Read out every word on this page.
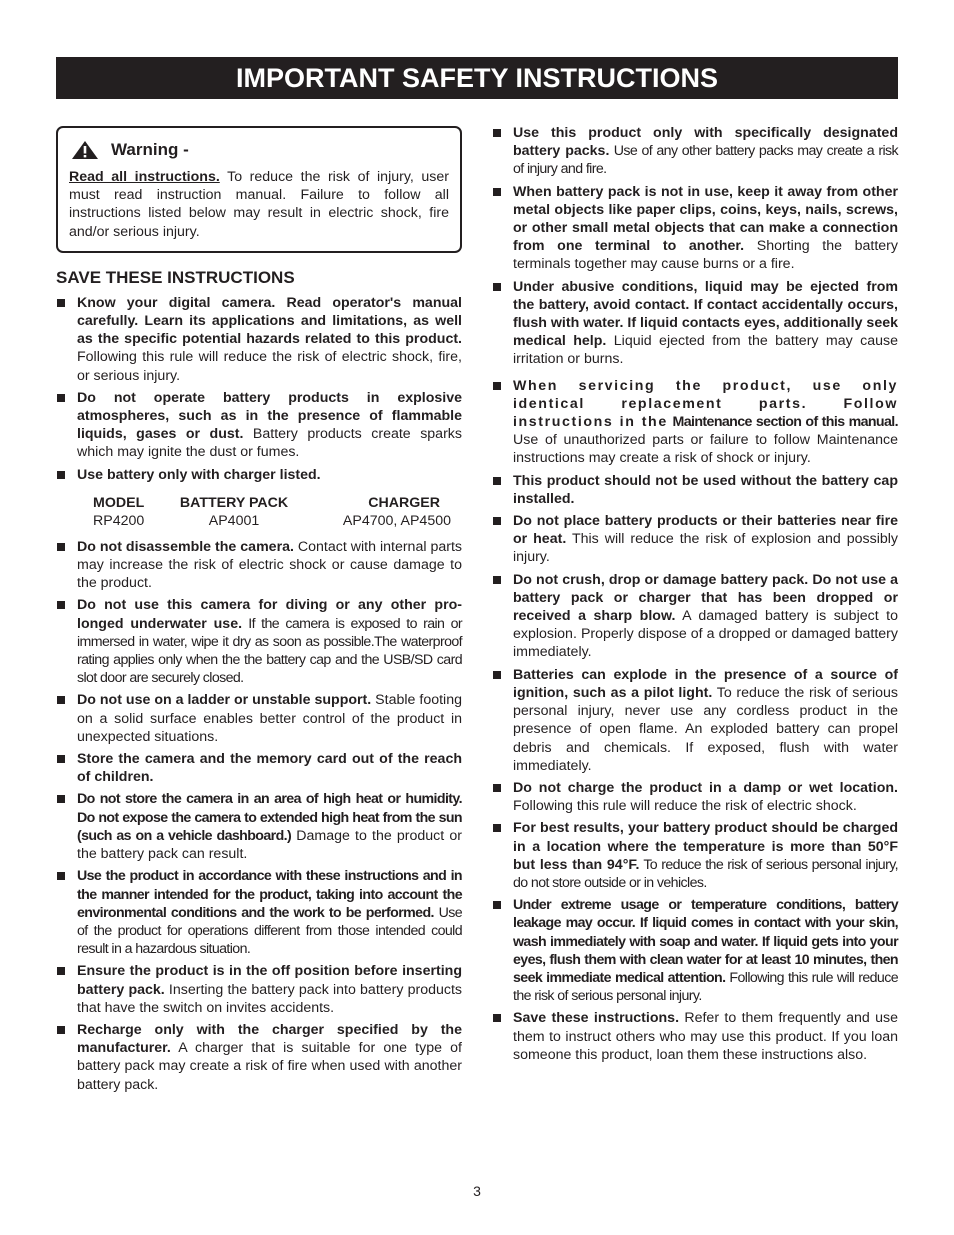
IMPORTANT SAFETY INSTRUCTIONS
Warning -
Read all instructions. To reduce the risk of injury, user must read instruction manual. Failure to follow all instructions listed below may result in electric shock, fire and/or serious injury.
SAVE THESE INSTRUCTIONS
Know your digital camera. Read operator's manual carefully. Learn its applications and limitations, as well as the specific potential hazards related to this product. Following this rule will reduce the risk of electric shock, fire, or serious injury.
Do not operate battery products in explosive atmospheres, such as in the presence of flammable liquids, gases or dust. Battery products create sparks which may ignite the dust or fumes.
Use battery only with charger listed.
MODEL	BATTERY PACK	CHARGER
RP4200	AP4001	AP4700, AP4500
Do not disassemble the camera. Contact with internal parts may increase the risk of electric shock or cause damage to the product.
Do not use this camera for diving or any other pro-longed underwater use. If the camera is exposed to rain or immersed in water, wipe it dry as soon as possible.The waterproof rating applies only when the the battery cap and the USB/SD card slot door are securely closed.
Do not use on a ladder or unstable support. Stable footing on a solid surface enables better control of the product in unexpected situations.
Store the camera and the memory card out of the reach of children.
Do not store the camera in an area of high heat or humidity. Do not expose the camera to extended high heat from the sun (such as on a vehicle dashboard.) Damage to the product or the battery pack can result.
Use the product in accordance with these instructions and in the manner intended for the product, taking into account the environmental conditions and the work to be performed. Use of the product for operations different from those intended could result in a hazardous situation.
Ensure the product is in the off position before inserting battery pack. Inserting the battery pack into battery products that have the switch on invites accidents.
Recharge only with the charger specified by the manufacturer. A charger that is suitable for one type of battery pack may create a risk of fire when used with another battery pack.
Use this product only with specifically designated battery packs. Use of any other battery packs may create a risk of injury and fire.
When battery pack is not in use, keep it away from other metal objects like paper clips, coins, keys, nails, screws, or other small metal objects that can make a connection from one terminal to another. Shorting the battery terminals together may cause burns or a fire.
Under abusive conditions, liquid may be ejected from the battery, avoid contact. If contact accidentally occurs, flush with water. If liquid contacts eyes, additionally seek medical help. Liquid ejected from the battery may cause irritation or burns.
When servicing the product, use only identical replacement parts. Follow instructions in the Maintenance section of this manual. Use of unauthorized parts or failure to follow Maintenance instructions may create a risk of shock or injury.
This product should not be used without the battery cap installed.
Do not place battery products or their batteries near fire or heat. This will reduce the risk of explosion and possibly injury.
Do not crush, drop or damage battery pack. Do not use a battery pack or charger that has been dropped or received a sharp blow. A damaged battery is subject to explosion. Properly dispose of a dropped or damaged battery immediately.
Batteries can explode in the presence of a source of ignition, such as a pilot light. To reduce the risk of serious personal injury, never use any cordless product in the presence of open flame. An exploded battery can propel debris and chemicals. If exposed, flush with water immediately.
Do not charge the product in a damp or wet location. Following this rule will reduce the risk of electric shock.
For best results, your battery product should be charged in a location where the temperature is more than 50°F but less than 94°F. To reduce the risk of serious personal injury, do not store outside or in vehicles.
Under extreme usage or temperature conditions, battery leakage may occur. If liquid comes in contact with your skin, wash immediately with soap and water. If liquid gets into your eyes, flush them with clean water for at least 10 minutes, then seek immediate medical attention. Following this rule will reduce the risk of serious personal injury.
Save these instructions. Refer to them frequently and use them to instruct others who may use this product. If you loan someone this product, loan them these instructions also.
3
